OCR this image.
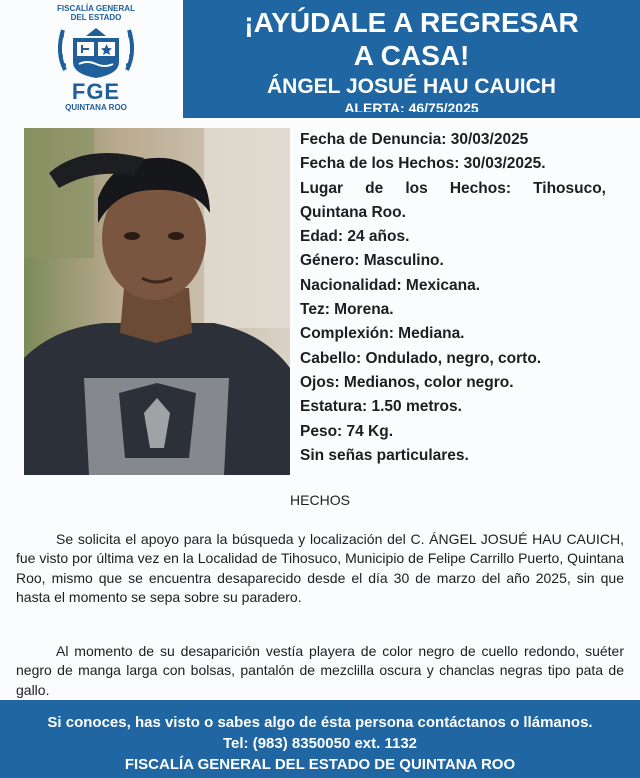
FISCALÍA GENERAL
DEL ESTADO
FGE
QUINTANA ROO
¡AYÚDALE A REGRESAR
A CASA!
ÁNGEL JOSUÉ HAU CAUICH
ALERTA: 46/75/2025
Fecha de Denuncia: 30/03/2025
Fecha de los Hechos: 30/03/2025.
Lugar de los Hechos: Tihosuco, Quintana Roo.
Edad: 24 años.
Género: Masculino.
Nacionalidad: Mexicana.
Tez: Morena.
Complexión: Mediana.
Cabello: Ondulado, negro, corto.
Ojos: Medianos, color negro.
Estatura: 1.50 metros.
Peso: 74 Kg.
Sin señas particulares.
HECHOS

Se solicita el apoyo para la búsqueda y localización del C. ÁNGEL JOSUÉ HAU CAUICH, fue visto por última vez en la Localidad de Tihosuco, Municipio de Felipe Carrillo Puerto, Quintana Roo, mismo que se encuentra desaparecido desde el día 30 de marzo del año 2025, sin que hasta el momento se sepa sobre su paradero.

Al momento de su desaparición vestía playera de color negro de cuello redondo, suéter negro de manga larga con bolsas, pantalón de mezclilla oscura y chanclas negras tipo pata de gallo.

Si conoces, has visto o sabes algo de ésta persona contáctanos o llámanos.
Tel: (983) 8350050 ext. 1132
FISCALÍA GENERAL DEL ESTADO DE QUINTANA ROO
